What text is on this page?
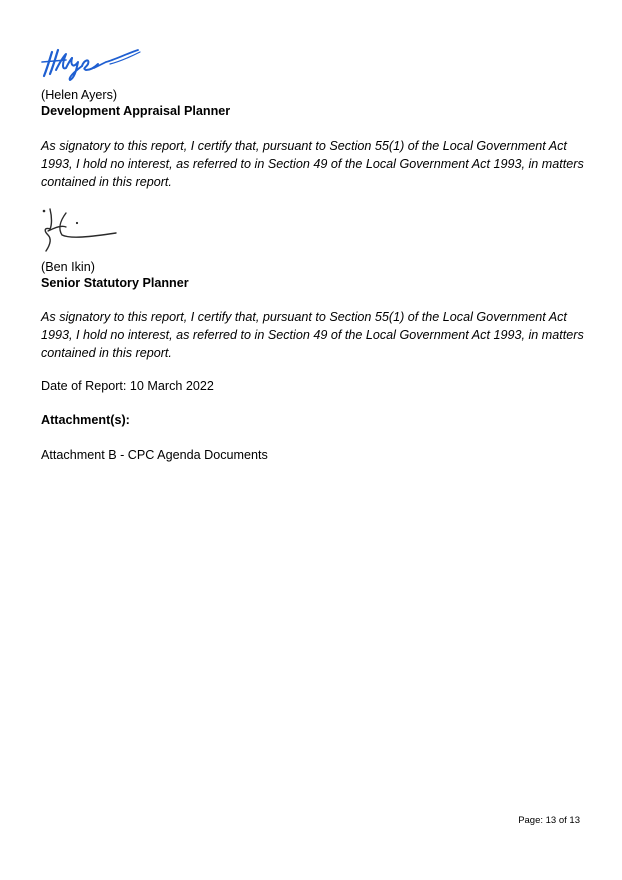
(Helen Ayers)
Development Appraisal Planner
As signatory to this report, I certify that, pursuant to Section 55(1) of the Local Government Act 1993, I hold no interest, as referred to in Section 49 of the Local Government Act 1993, in matters contained in this report.
(Ben Ikin)
Senior Statutory Planner
As signatory to this report, I certify that, pursuant to Section 55(1) of the Local Government Act 1993, I hold no interest, as referred to in Section 49 of the Local Government Act 1993, in matters contained in this report.
Date of Report: 10 March 2022
Attachment(s):
Attachment B - CPC Agenda Documents
Page: 13 of 13
